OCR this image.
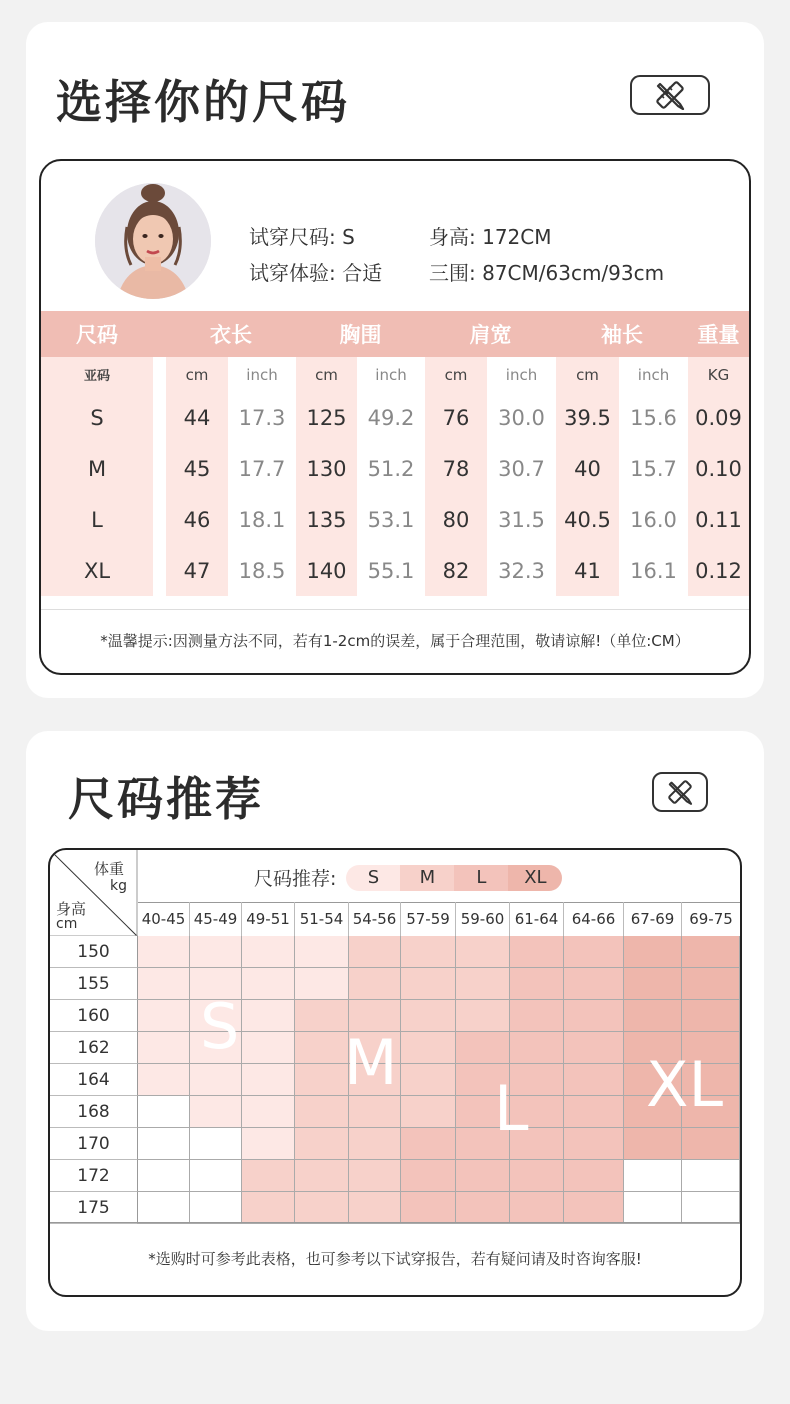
选择你的尺码
试穿尺码: S
试穿体验: 合适
身高: 172CM
三围: 87CM/63cm/93cm
尺码		衣长		胸围		肩宽		袖长		重量
亚码		cm	inch	cm	inch	cm	inch	cm	inch	KG
S		44	17.3	125	49.2	76	30.0	39.5	15.6	0.09
M		45	17.7	130	51.2	78	30.7	40	15.7	0.10
L		46	18.1	135	53.1	80	31.5	40.5	16.0	0.11
XL		47	18.5	140	55.1	82	32.3	41	16.1	0.12
*温馨提示:因测量方法不同，若有1-2cm的误差，属于合理范围，敬请谅解!（单位:CM）
尺码推荐
体重
kg
身高
cm
尺码推荐:	S	M	L	XL
40-45 45-49 49-51 51-54 54-56 57-59 59-60 61-64 64-66	67-69 69-75
150
155
160
162
164
168
170
172
175
S M
L XL
*选购时可参考此表格，也可参考以下试穿报告，若有疑问请及时咨询客服!
